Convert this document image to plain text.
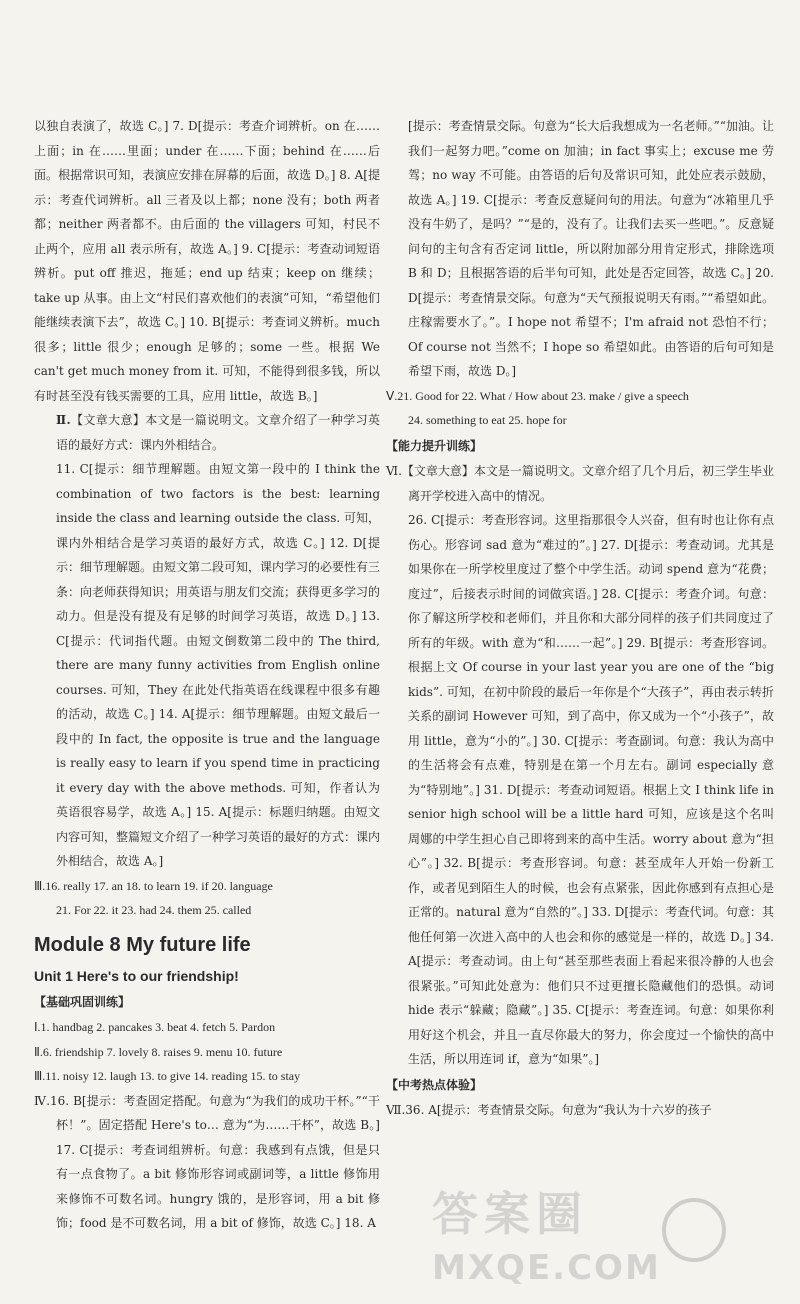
以独自表演了，故选 C。] 7. D[提示：考查介词辨析。on 在……上面；in 在……里面；under 在……下面；behind 在……后面。根据常识可知，表演应安排在屏幕的后面，故选 D。] 8. A[提示：考查代词辨析。all 三者及以上都；none 没有；both 两者都；neither 两者都不。由后面的 the villagers 可知，村民不止两个，应用 all 表示所有，故选 A。] 9. C[提示：考查动词短语辨析。put off 推迟，拖延；end up 结束；keep on 继续；take up 从事。由上文“村民们喜欢他们的表演”可知，“希望他们能继续表演下去”，故选 C。] 10. B[提示：考查词义辨析。much 很多；little 很少；enough 足够的；some 一些。根据 We can't get much money from it. 可知，不能得到很多钱，所以有时甚至没有钱买需要的工具，应用 little，故选 B。]

Ⅱ.【文章大意】本文是一篇说明文。文章介绍了一种学习英语的最好方式：课内外相结合。

11. C[提示：细节理解题。由短文第一段中的 I think the combination of two factors is the best: learning inside the class and learning outside the class. 可知，课内外相结合是学习英语的最好方式，故选 C。] 12. D[提示：细节理解题。由短文第二段可知，课内学习的必要性有三条：向老师获得知识；用英语与朋友们交流；获得更多学习的动力。但是没有提及有足够的时间学习英语，故选 D。] 13. C[提示：代词指代题。由短文倒数第二段中的 The third, there are many funny activities from English online courses. 可知，They 在此处代指英语在线课程中很多有趣的活动，故选 C。] 14. A[提示：细节理解题。由短文最后一段中的 In fact, the opposite is true and the language is really easy to learn if you spend time in practicing it every day with the above methods. 可知，作者认为英语很容易学，故选 A。] 15. A[提示：标题归纳题。由短文内容可知，整篇短文介绍了一种学习英语的最好的方式：课内外相结合，故选 A。]

Ⅲ.16. really 17. an 18. to learn 19. if 20. language

21. For 22. it 23. had 24. them 25. called

Module 8 My future life

Unit 1 Here's to our friendship!

【基础巩固训练】

Ⅰ.1. handbag 2. pancakes 3. beat 4. fetch 5. Pardon

Ⅱ.6. friendship 7. lovely 8. raises 9. menu 10. future

Ⅲ.11. noisy 12. laugh 13. to give 14. reading 15. to stay

Ⅳ.16. B[提示：考查固定搭配。句意为“为我们的成功干杯。”“干杯！”。固定搭配 Here's to… 意为“为……干杯”，故选 B。] 17. C[提示：考查词组辨析。句意：我感到有点饿，但是只有一点食物了。a bit 修饰形容词或副词等，a little 修饰用来修饰不可数名词。hungry 饿的，是形容词，用 a bit 修饰；food 是不可数名词，用 a bit of 修饰，故选 C。] 18. A

[提示：考查情景交际。句意为“长大后我想成为一名老师。”“加油。让我们一起努力吧。”come on 加油；in fact 事实上；excuse me 劳驾；no way 不可能。由答语的后句及常识可知，此处应表示鼓励，故选 A。] 19. C[提示：考查反意疑问句的用法。句意为“冰箱里几乎没有牛奶了，是吗？”“是的，没有了。让我们去买一些吧。”。反意疑问句的主句含有否定词 little，所以附加部分用肯定形式，排除选项 B 和 D；且根据答语的后半句可知，此处是否定回答，故选 C。] 20. D[提示：考查情景交际。句意为“天气预报说明天有雨。”“希望如此。庄稼需要水了。”。I hope not 希望不；I'm afraid not 恐怕不行；Of course not 当然不；I hope so 希望如此。由答语的后句可知是希望下雨，故选 D。]

Ⅴ.21. Good for 22. What / How about 23. make / give a speech

24. something to eat 25. hope for

【能力提升训练】

Ⅵ.【文章大意】本文是一篇说明文。文章介绍了几个月后，初三学生毕业离开学校进入高中的情况。

26. C[提示：考查形容词。这里指那很令人兴奋，但有时也让你有点伤心。形容词 sad 意为“难过的”。] 27. D[提示：考查动词。尤其是如果你在一所学校里度过了整个中学生活。动词 spend 意为“花费；度过”，后接表示时间的词做宾语。] 28. C[提示：考查介词。句意：你了解这所学校和老师们，并且你和大部分同样的孩子们共同度过了所有的年级。with 意为“和……一起”。] 29. B[提示：考查形容词。根据上文 Of course in your last year you are one of the “big kids”. 可知，在初中阶段的最后一年你是个“大孩子”，再由表示转折关系的副词 However 可知，到了高中，你又成为一个“小孩子”，故用 little，意为“小的”。] 30. C[提示：考查副词。句意：我认为高中的生活将会有点难，特别是在第一个月左右。副词 especially 意为“特别地”。] 31. D[提示：考查动词短语。根据上文 I think life in senior high school will be a little hard 可知，应该是这个名叫周娜的中学生担心自己即将到来的高中生活。worry about 意为“担心”。] 32. B[提示：考查形容词。句意：甚至成年人开始一份新工作，或者见到陌生人的时候，也会有点紧张，因此你感到有点担心是正常的。natural 意为“自然的”。] 33. D[提示：考查代词。句意：其他任何第一次进入高中的人也会和你的感觉是一样的，故选 D。] 34. A[提示：考查动词。由上句“甚至那些表面上看起来很冷静的人也会很紧张。”可知此处意为：他们只不过更擅长隐藏他们的恐惧。动词 hide 表示“躲藏；隐藏”。] 35. C[提示：考查连词。句意：如果你利用好这个机会，并且一直尽你最大的努力，你会度过一个愉快的高中生活，所以用连词 if，意为“如果”。]

【中考热点体验】

Ⅶ.36. A[提示：考查情景交际。句意为“我认为十六岁的孩子

答案圈
MXQE.COM
